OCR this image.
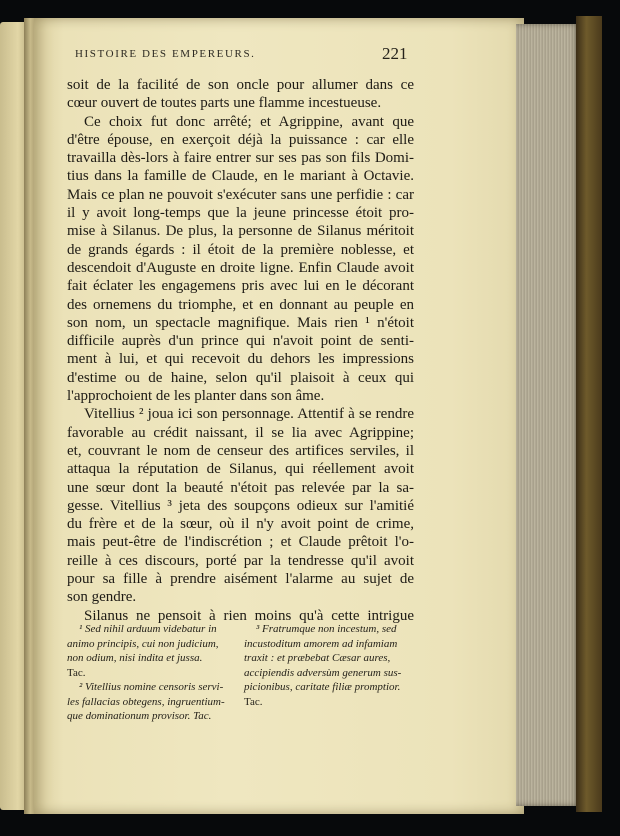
HISTOIRE DES EMPEREURS.	221
soit de la facilité de son oncle pour allumer dans ce
cœur ouvert de toutes parts une flamme incestueuse.
Ce choix fut donc arrêté; et Agrippine, avant que
d'être épouse, en exerçoit déjà la puissance : car elle
travailla dès-lors à faire entrer sur ses pas son fils Domi-
tius dans la famille de Claude, en le mariant à Octavie.
Mais ce plan ne pouvoit s'exécuter sans une perfidie : car
il y avoit long-temps que la jeune princesse étoit pro-
mise à Silanus. De plus, la personne de Silanus méritoit
de grands égards : il étoit de la première noblesse, et
descendoit d'Auguste en droite ligne. Enfin Claude avoit
fait éclater les engagemens pris avec lui en le décorant
des ornemens du triomphe, et en donnant au peuple en
son nom, un spectacle magnifique. Mais rien ¹ n'étoit
difficile auprès d'un prince qui n'avoit point de senti-
ment à lui, et qui recevoit du dehors les impressions
d'estime ou de haine, selon qu'il plaisoit à ceux qui
l'approchoient de les planter dans son âme.
Vitellius ² joua ici son personnage. Attentif à se rendre
favorable au crédit naissant, il se lia avec Agrippine;
et, couvrant le nom de censeur des artifices serviles, il
attaqua la réputation de Silanus, qui réellement avoit
une sœur dont la beauté n'étoit pas relevée par la sa-
gesse. Vitellius ³ jeta des soupçons odieux sur l'amitié
du frère et de la sœur, où il n'y avoit point de crime,
mais peut-être de l'indiscrétion ; et Claude prêtoit l'o-
reille à ces discours, porté par la tendresse qu'il avoit
pour sa fille à prendre aisément l'alarme au sujet de
son gendre.
Silanus ne pensoit à rien moins qu'à cette intrigue
¹ Sed nihil arduum videbatur in
animo principis, cui non judicium,
non odium, nisi indita et jussa.
Tac.
² Vitellius nomine censoris servi-
les fallacias obtegens, ingruentium-
que dominationum provisor. Tac.
³ Fratrumque non incestum, sed
incustoditum amorem ad infamiam
traxit : et præbebat Cæsar aures,
accipiendis adversùm generum sus-
picionibus, caritate filiæ promptior.
Tac.
